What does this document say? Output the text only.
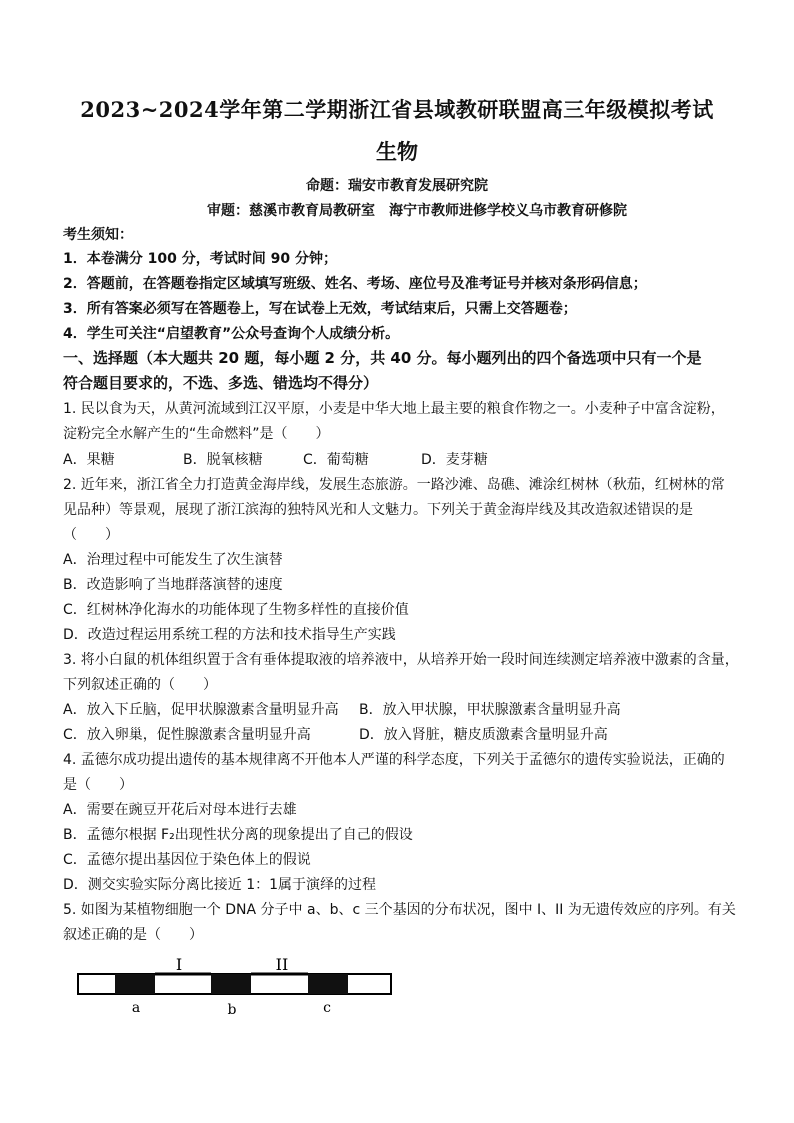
2023~2024学年第二学期浙江省县域教研联盟高三年级模拟考试
生物
命题：瑞安市教育发展研究院
审题：慈溪市教育局教研室　海宁市教师进修学校义乌市教育研修院
考生须知：
1．本卷满分 100 分，考试时间 90 分钟；
2．答题前，在答题卷指定区域填写班级、姓名、考场、座位号及准考证号并核对条形码信息；
3．所有答案必须写在答题卷上，写在试卷上无效，考试结束后，只需上交答题卷；
4．学生可关注“启望教育”公众号查询个人成绩分析。
一、选择题（本大题共 20 题，每小题 2 分，共 40 分。每小题列出的四个备选项中只有一个是
符合题目要求的，不选、多选、错选均不得分）
1. 民以食为天，从黄河流域到江汉平原，小麦是中华大地上最主要的粮食作物之一。小麦种子中富含淀粉，
淀粉完全水解产生的“生命燃料”是（　　）
A．果糖	B．脱氧核糖	C．葡萄糖	D．麦芽糖
2. 近年来，浙江省全力打造黄金海岸线，发展生态旅游。一路沙滩、岛礁、滩涂红树林（秋茄，红树林的常
见品种）等景观，展现了浙江滨海的独特风光和人文魅力。下列关于黄金海岸线及其改造叙述错误的是
（　　）
A．治理过程中可能发生了次生演替
B．改造影响了当地群落演替的速度
C．红树林净化海水的功能体现了生物多样性的直接价值
D．改造过程运用系统工程的方法和技术指导生产实践
3. 将小白鼠的机体组织置于含有垂体提取液的培养液中，从培养开始一段时间连续测定培养液中激素的含量，
下列叙述正确的（　　）
A．放入下丘脑，促甲状腺激素含量明显升高 B．放入甲状腺，甲状腺激素含量明显升高
C．放入卵巢，促性腺激素含量明显升高	D．放入肾脏，糖皮质激素含量明显升高
4. 孟德尔成功提出遗传的基本规律离不开他本人严谨的科学态度，下列关于孟德尔的遗传实验说法，正确的
是（　　）
A．需要在豌豆开花后对母本进行去雄
B．孟德尔根据 F₂出现性状分离的现象提出了自己的假设
C．孟德尔提出基因位于染色体上的假说
D．测交实验实际分离比接近 1：1属于演绎的过程
5. 如图为某植物细胞一个 DNA 分子中 a、b、c 三个基因的分布状况，图中 I、II 为无遗传效应的序列。有关
叙述正确的是（　　）
I	II
a	b	c
